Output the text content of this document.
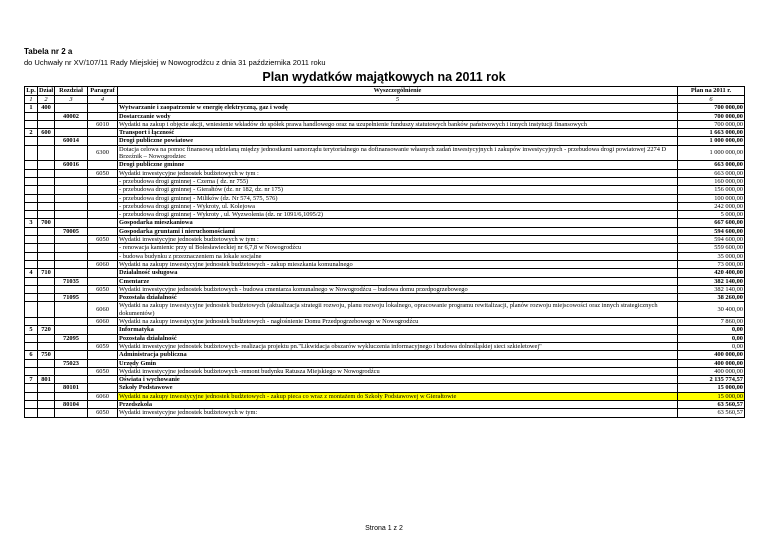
Tabela nr 2 a
do Uchwały nr XV/107/11 Rady Miejskiej w Nowogrodźcu z dnia 31 października 2011 roku
Plan wydatków majątkowych na 2011 rok
Lp.	Dział	Rozdział	Paragraf	Wyszczególnienie	Plan na 2011 r.
1	2	3	4	5	6
1	400			Wytwarzanie i zaopatrzenie w energię elektryczną, gaz i wodę	700 000,00
		40002		Dostarczanie wody	700 000,00
			6010	Wydatki na zakup i objęcie akcji, wniesienie wkładów do spółek prawa handlowego oraz na uzupełnienie funduszy statutowych banków państwowych i innych instytucji finansowych	700 000,00
2	600			Transport i łączność	1 663 000,00
		60014		Drogi publiczne powiatowe	1 000 000,00
			6300	Dotacja celowa na pomoc finansową udzielaną między jednostkami samorządu terytorialnego na dofinansowanie własnych zadań inwestycyjnych i zakupów inwestycyjnych - przebudowa drogi powiatowej 2274 D Brzeźnik – Nowogrodziec	1 000 000,00
		60016		Drogi publiczne gminne	663 000,00
			6050	Wydatki inwestycyjne jednostek budżetowych w tym :	663 000,00
				- przebudowa drogi gminnej - Czerna ( dz. nr 755)	160 000,00
				- przebudowa drogi gminnej - Gierałtów (dz. nr 182, dz. nr 175)	156 000,00
				- przebudowa drogi gminnej - Milików (dz. Nr 574, 575, 576)	100 000,00
				- przebudowa drogi gminnej - Wykroty, ul. Kolejowa	242 000,00
				- przebudowa drogi gminnej - Wykroty , ul. Wyzwolenia (dz. nr 1091/6,1095/2)	5 000,00
3	700			Gospodarka mieszkaniowa	667 600,00
		70005		Gospodarka gruntami i nieruchomościami	594 600,00
			6050	Wydatki inwestycyjne jednostek budżetowych w tym :	594 600,00
				- renowacja kamienic przy ul Bolesławieckiej nr 6,7,8 w Nowogrodźcu	559 600,00
				- budowa budynku z przeznaczeniem na lokale socjalne	35 000,00
			6060	Wydatki na zakupy inwestycyjne jednostek budżetowych - zakup mieszkania komunalnego	73 000,00
4	710			Działalność usługowa	420 400,00
		71035		Cmentarze	382 140,00
			6050	Wydatki inwestycyjne jednostek budżetowych - budowa cmentarza komunalnego w Nowogrodźcu – budowa domu przedpogrzebowego	382 140,00
		71095		Pozostała działalność	38 260,00
			6060	Wydatki na zakupy inwestycyjne jednostek budżetowych (aktualizacja strategii rozwoju, planu rozwoju lokalnego, opracowanie programu rewitalizacji, planów rozwoju miejscowości oraz innych strategicznych dokumentów)	30 400,00
			6060	Wydatki na zakupy inwestycyjne jednostek budżetowych - nagłośnienie Domu Przedpogrzebowego w Nowogrodźcu	7 860,00
5	720			Informatyka	0,00
		72095		Pozostała działalność	0,00
			6059	Wydatki inwestycyjne jednostek budżetowych- realizacja projektu pn."Likwidacja obszarów wykluczenia informacyjnego i budowa dolnośląskiej sieci szkieletowej"	0,00
6	750			Administracja publiczna	400 000,00
		75023		Urzędy Gmin	400 000,00
			6050	Wydatki inwestycyjne jednostek budżetowych -remont budynku Ratusza Miejskiego w Nowogrodźcu	400 000,00
7	801			Oświata i wychowanie	2 135 774,57
		80101		Szkoły Podstawowe	15 000,00
			6060	Wydatki na zakupy inwestycyjne jednostek budżetowych - zakup pieca co wraz z montażem do Szkoły Podstawowej w Gierałtowie	15 000,00
		80104		Przedszkola	63 560,57
			6050	Wydatki inwestycyjne jednostek budżetowych w tym:	63 560,57
Strona 1 z 2
